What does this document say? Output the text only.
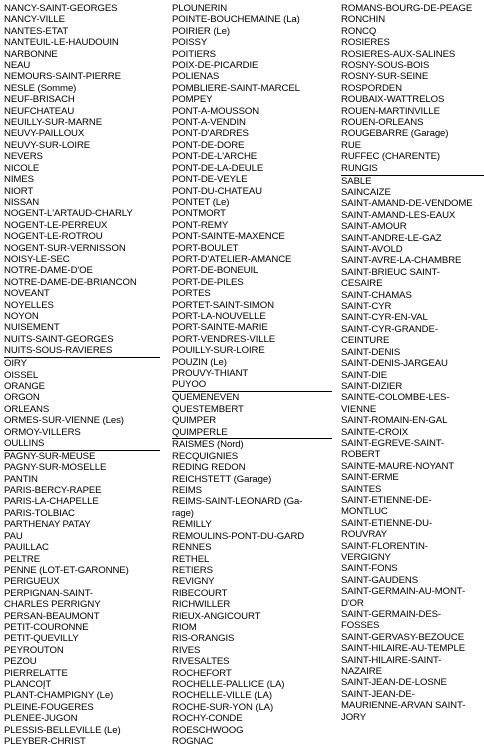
NANCY-SAINT-GEORGES
NANCY-VILLE
NANTES-ETAT
NANTEUIL-LE-HAUDOUIN
NARBONNE
NEAU
NEMOURS-SAINT-PIERRE
NESLE (Somme)
NEUF-BRISACH
NEUFCHATEAU
NEUILLY-SUR-MARNE
NEUVY-PAILLOUX
NEUVY-SUR-LOIRE
NEVERS
NICOLE
NIMES
NIORT
NISSAN
NOGENT-L'ARTAUD-CHARLY
NOGENT-LE-PERREUX
NOGENT-LE-ROTROU
NOGENT-SUR-VERNISSON
NOISY-LE-SEC
NOTRE-DAME-D'OE
NOTRE-DAME-DE-BRIANCON
NOVEANT
NOYELLES
NOYON
NUISEMENT
NUITS-SAINT-GEORGES
NUITS-SOUS-RAVIERES
OIRY
OISSEL
ORANGE
ORGON
ORLEANS
ORMES-SUR-VIENNE (Les)
ORMOY-VILLERS
OULLINS
PAGNY-SUR-MEUSE
PAGNY-SUR-MOSELLE
PANTIN
PARIS-BERCY-RAPEE
PARIS-LA-CHAPELLE
PARIS-TOLBIAC
PARTHENAY PATAY
PAU
PAUILLAC
PELTRE
PENNE (LOT-ET-GARONNE)
PERIGUEUX
PERPIGNAN-SAINT-
CHARLES PERRIGNY
PERSAN-BEAUMONT
PETIT-COURONNE
PETIT-QUEVILLY
PEYROUTON
PEZOU
PIERRELATTE
PLANCOĮT
PLANT-CHAMPIGNY (Le)
PLEINE-FOUGERES
PLENEE-JUGON
PLESSIS-BELLEVILLE (Le)
PLEYBER-CHRIST
PLOUNERIN
POINTE-BOUCHEMAINE (La)
POIRIER (Le)
POISSY
POITIERS
POIX-DE-PICARDIE
POLIENAS
POMBLIERE-SAINT-MARCEL
POMPEY
PONT-A-MOUSSON
PONT-A-VENDIN
PONT-D'ARDRES
PONT-DE-DORE
PONT-DE-L'ARCHE
PONT-DE-LA-DEULE
PONT-DE-VEYLE
PONT-DU-CHATEAU
PONTET (Le)
PONTMORT
PONT-REMY
PONT-SAINTE-MAXENCE
PORT-BOULET
PORT-D'ATELIER-AMANCE
PORT-DE-BONEUIL
PORT-DE-PILES
PORTES
PORTET-SAINT-SIMON
PORT-LA-NOUVELLE
PORT-SAINTE-MARIE
PORT-VENDRES-VILLE
POUILLY-SUR-LOIRE
POUZIN (Le)
PROUVY-THIANT
PUYOO
QUEMENEVEN
QUESTEMBERT
QUIMPER
QUIMPERLE
RAISMES (Nord)
RECQUIGNIES
REDING REDON
REICHSTETT (Garage)
REIMS
REIMS-SAINT-LEONARD (Ga-
rage)
REMILLY
REMOULINS-PONT-DU-GARD
RENNES
RETHEL
RETIERS
REVIGNY
RIBECOURT
RICHWILLER
RIEUX-ANGICOURT
RIOM
RIS-ORANGIS
RIVES
RIVESALTES
ROCHEFORT
ROCHELLE-PALLICE (LA)
ROCHELLE-VILLE (LA)
ROCHE-SUR-YON (LA)
ROCHY-CONDE
ROESCHWOOG
ROGNAC
ROMANS-BOURG-DE-PEAGE
RONCHIN
RONCQ
ROSIERES
ROSIERES-AUX-SALINES
ROSNY-SOUS-BOIS
ROSNY-SUR-SEINE
ROSPORDEN
ROUBAIX-WATTRELOS
ROUEN-MARTINVILLE
ROUEN-ORLEANS
ROUGEBARRE (Garage)
RUE
RUFFEC (CHARENTE)
RUNGIS
SABLE
SAINCAIZE
SAINT-AMAND-DE-VENDOME
SAINT-AMAND-LES-EAUX
SAINT-AMOUR
SAINT-ANDRE-LE-GAZ
SAINT-AVOLD
SAINT-AVRE-LA-CHAMBRE
SAINT-BRIEUC SAINT-
CESAIRE
SAINT-CHAMAS
SAINT-CYR
SAINT-CYR-EN-VAL
SAINT-CYR-GRANDE-
CEINTURE
SAINT-DENIS
SAINT-DENIS-JARGEAU
SAINT-DIE
SAINT-DIZIER
SAINTE-COLOMBE-LES-
VIENNE
SAINT-ROMAIN-EN-GAL
SAINTE-CROIX
SAINT-EGREVE-SAINT-
ROBERT
SAINTE-MAURE-NOYANT
SAINT-ERME
SAINTES
SAINT-ETIENNE-DE-
MONTLUC
SAINT-ETIENNE-DU-
ROUVRAY
SAINT-FLORENTIN-
VERGIGNY
SAINT-FONS
SAINT-GAUDENS
SAINT-GERMAIN-AU-MONT-
D'OR
SAINT-GERMAIN-DES-
FOSSES
SAINT-GERVASY-BEZOUCE
SAINT-HILAIRE-AU-TEMPLE
SAINT-HILAIRE-SAINT-
NAZAIRE
SAINT-JEAN-DE-LOSNE
SAINT-JEAN-DE-
MAURIENNE-ARVAN SAINT-
JORY
